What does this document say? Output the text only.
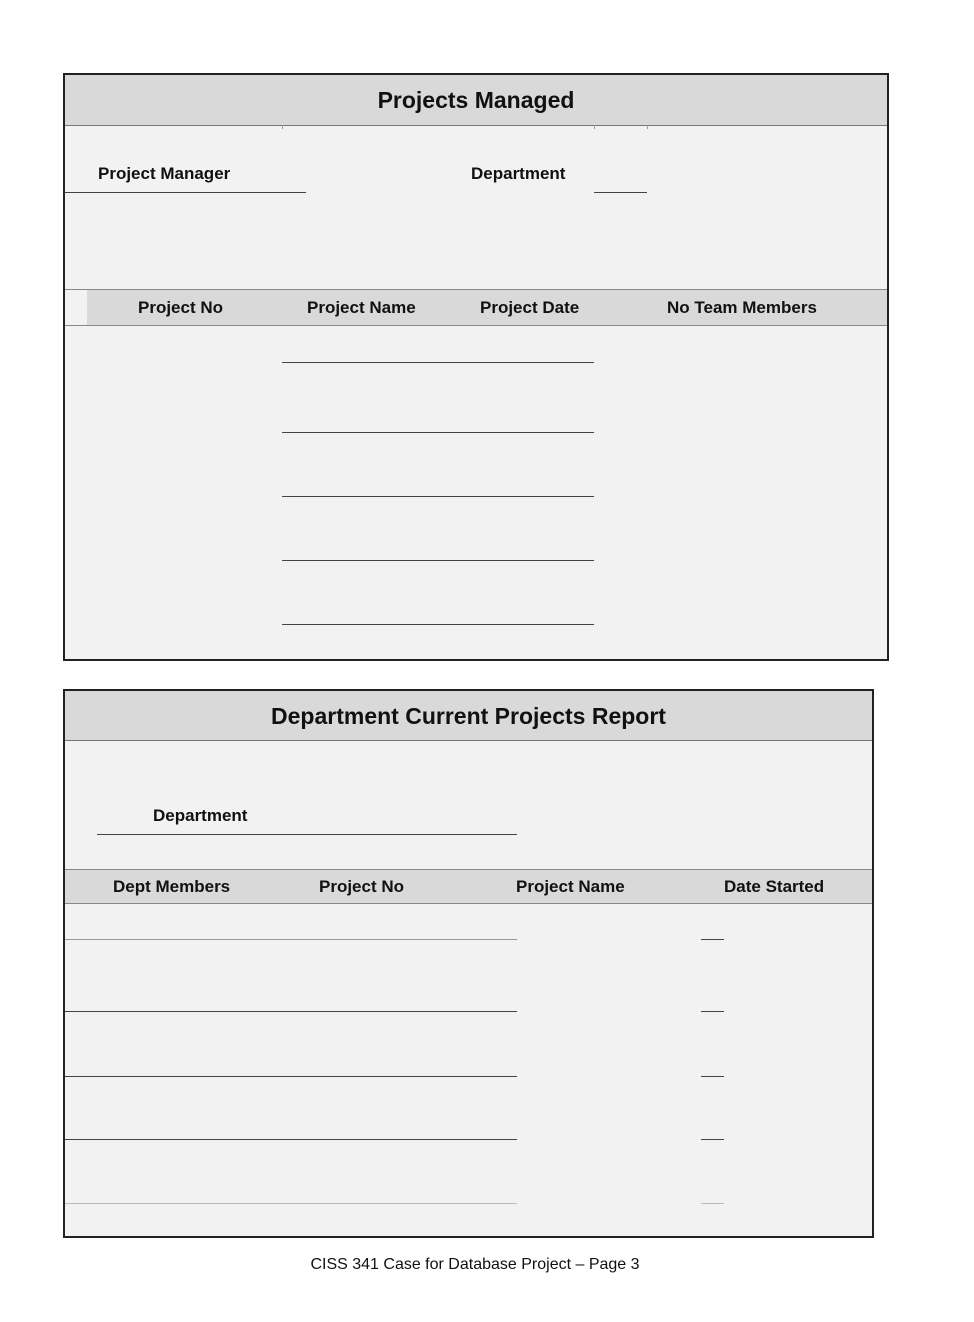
Projects Managed
Project Manager	Department
Project No	Project Name	Project Date	No Team Members
Department Current Projects Report
Department
Dept Members	Project No	Project Name	Date Started
CISS 341 Case for Database Project – Page 3
